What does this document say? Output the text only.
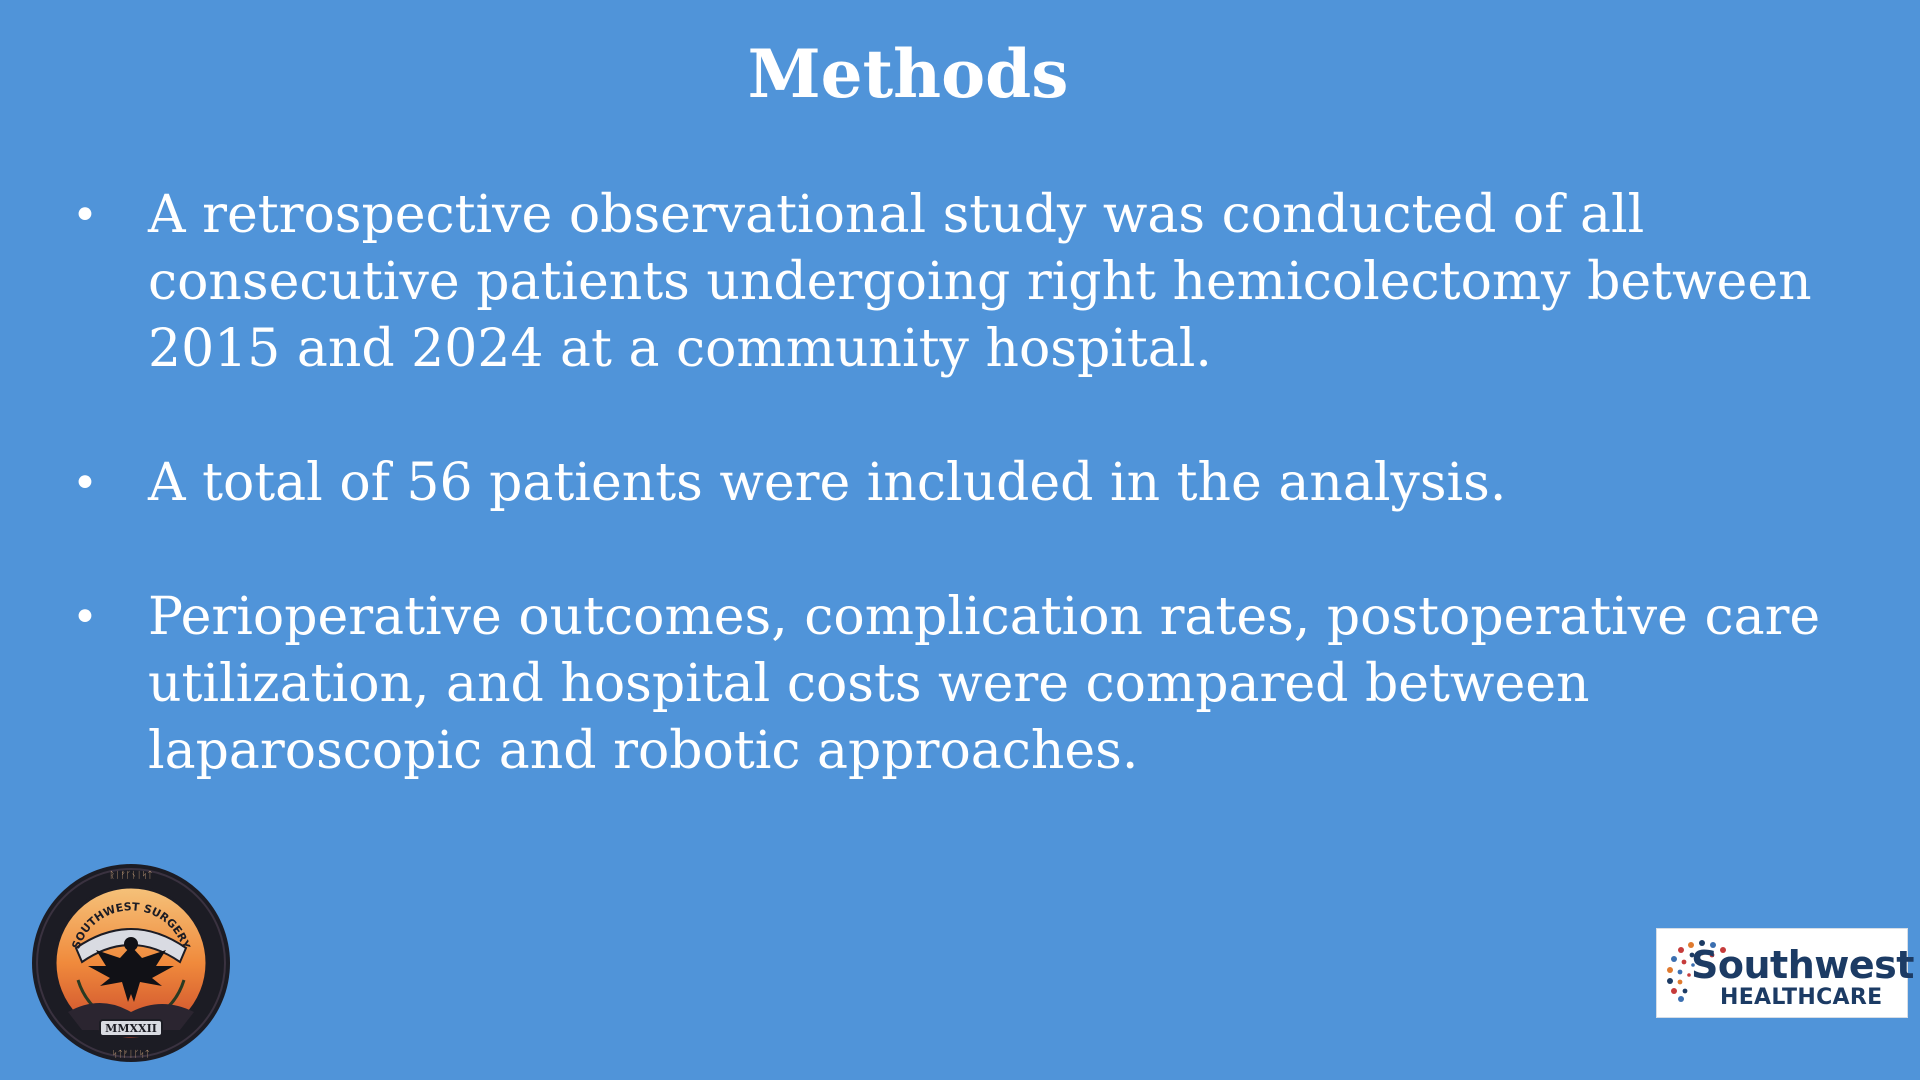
Methods
• A retrospective observational study was conducted of all consecutive patients undergoing right hemicolectomy between 2015 and 2024 at a community hospital.
• A total of 56 patients were included in the analysis.
• Perioperative outcomes, complication rates, postoperative care utilization, and hospital costs were compared between laparoscopic and robotic approaches.
ᚱᛁᚠᚴᚾᛁᛋᛏ
ᛋᛏᚠᛁᚴᛋᛏ
SOUTHWEST SURGERY
MMXXII
Southwest
HEALTHCARE
